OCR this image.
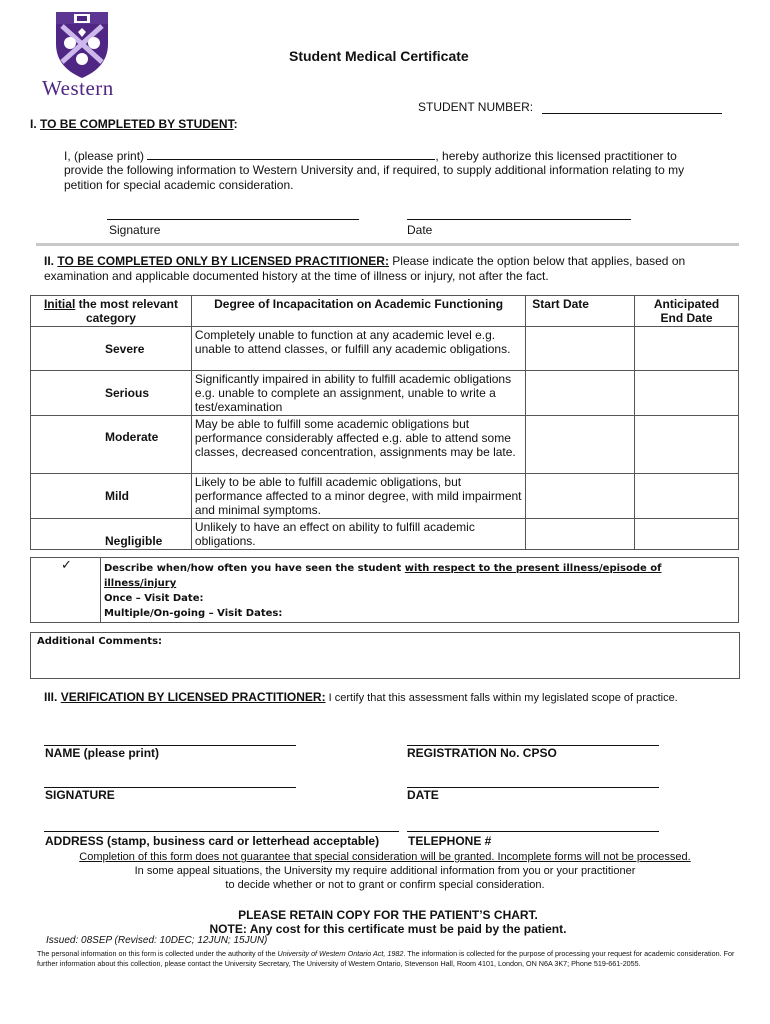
Western
Student Medical Certificate
STUDENT NUMBER:
I. TO BE COMPLETED BY STUDENT:
I, (please print)	, hereby authorize this licensed practitioner to
provide the following information to Western University and, if required, to supply additional information relating to my
petition for special academic consideration.
Signature	Date
II. TO BE COMPLETED ONLY BY LICENSED PRACTITIONER: Please indicate the option below that applies, based on
examination and applicable documented history at the time of illness or injury, not after the fact.
Initial the most relevant
category	Degree of Incapacitation on Academic Functioning	Start Date	Anticipated
End Date
Severe	Completely unable to function at any academic level e.g. unable to attend classes, or fulfill any academic obligations.		
Serious	Significantly impaired in ability to fulfill academic obligations e.g. unable to complete an assignment, unable to write a test/examination		
Moderate	May be able to fulfill some academic obligations but performance considerably affected e.g. able to attend some classes, decreased concentration, assignments may be late.		
Mild	Likely to be able to fulfill academic obligations, but performance affected to a minor degree, with mild impairment and minimal symptoms.		
Negligible	Unlikely to have an effect on ability to fulfill academic obligations.		
✓	Describe when/how often you have seen the student with respect to the present illness/episode of illness/injury
Once – Visit Date:
Multiple/On-going – Visit Dates:
Additional Comments:
III. VERIFICATION BY LICENSED PRACTITIONER: I certify that this assessment falls within my legislated scope of practice.
NAME (please print)	REGISTRATION No. CPSO
SIGNATURE	DATE
ADDRESS (stamp, business card or letterhead acceptable) TELEPHONE #
Completion of this form does not guarantee that special consideration will be granted. Incomplete forms will not be processed.
In some appeal situations, the University my require additional information from you or your practitioner
to decide whether or not to grant or confirm special consideration.
PLEASE RETAIN COPY FOR THE PATIENT’S CHART.
NOTE: Any cost for this certificate must be paid by the patient.
Issued: 08SEP (Revised: 10DEC; 12JUN; 15JUN)
The personal information on this form is collected under the authority of the University of Western Ontario Act, 1982. The information is collected for the purpose of processing your request for academic consideration. For further information about this collection, please contact the University Secretary, The University of Western Ontario, Stevenson Hall, Room 4101, London, ON N6A 3K7; Phone 519-661-2055.
